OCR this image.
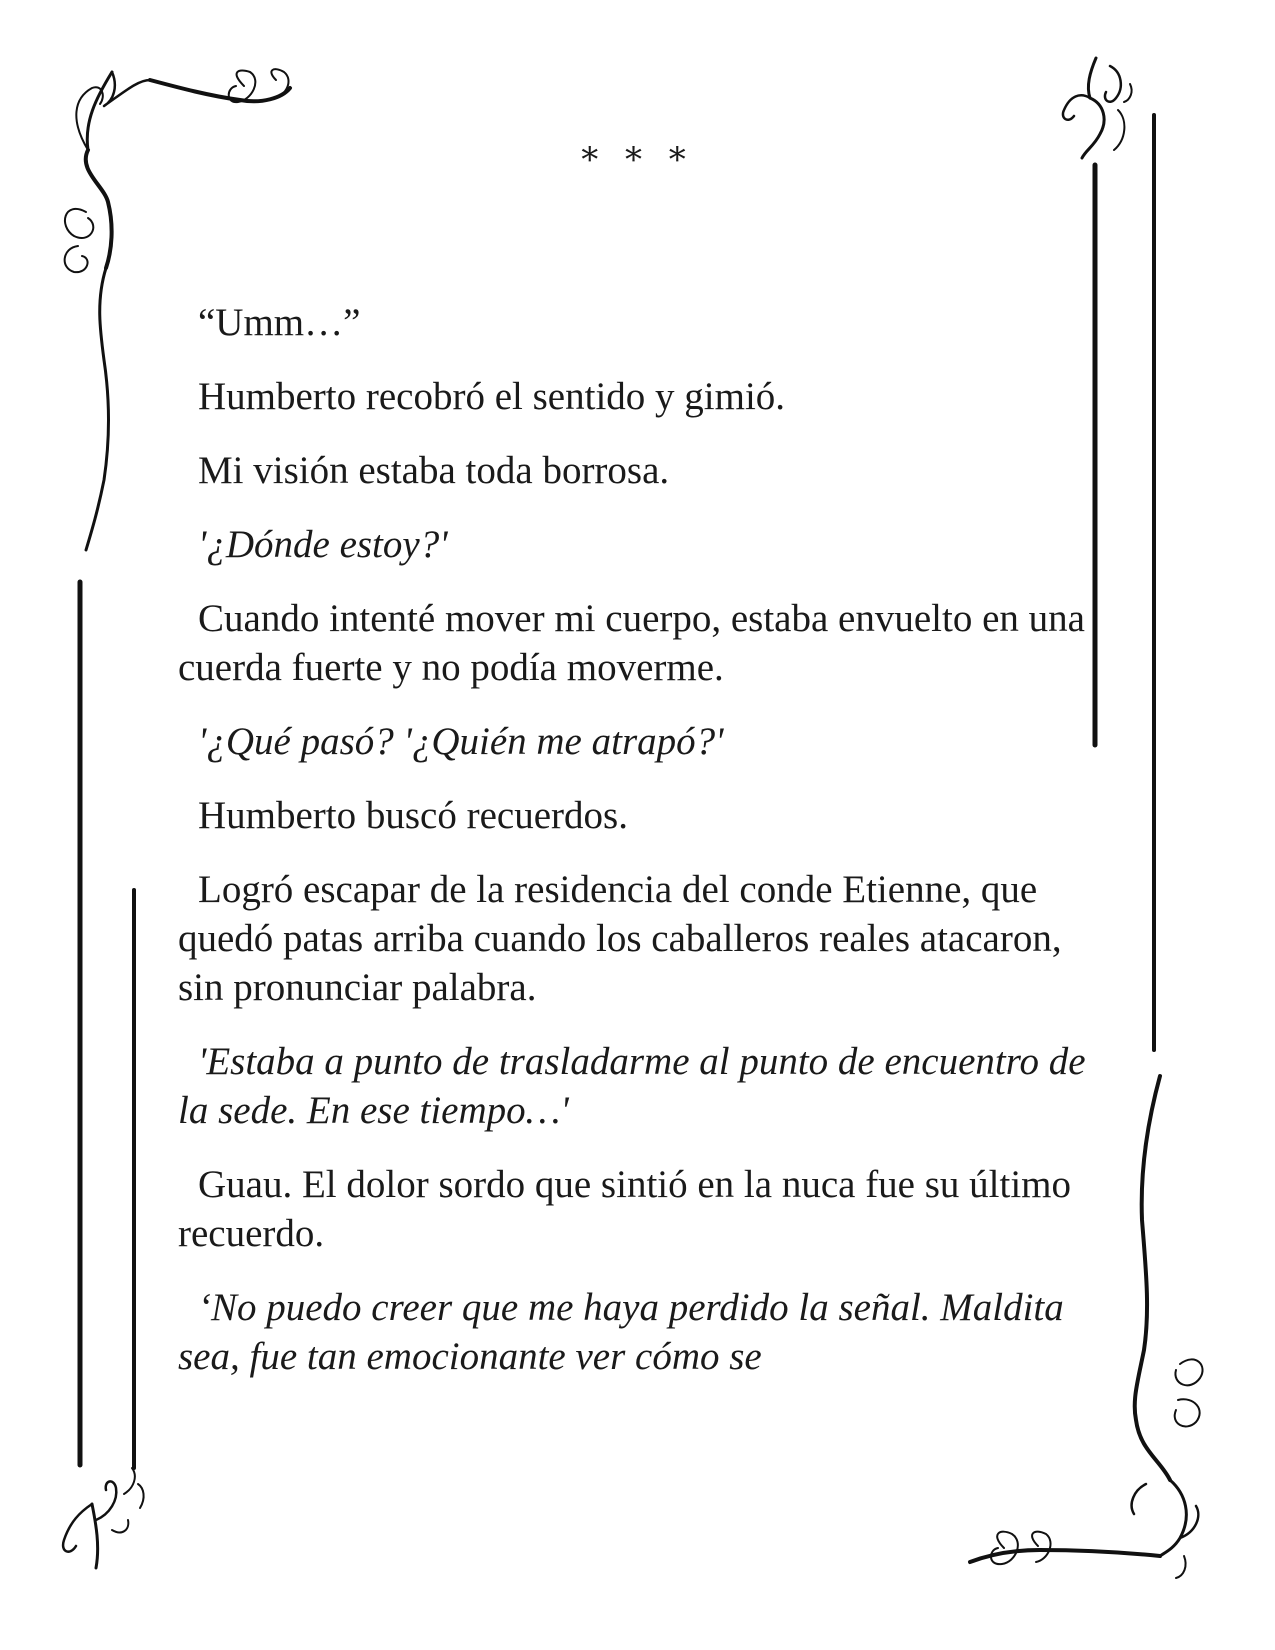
* * *

“Umm…”

Humberto recobró el sentido y gimió.

Mi visión estaba toda borrosa.

'¿Dónde estoy?'

Cuando intenté mover mi cuerpo, estaba envuelto en una cuerda fuerte y no podía moverme.

'¿Qué pasó? '¿Quién me atrapó?'

Humberto buscó recuerdos.

Logró escapar de la residencia del conde Etienne, que quedó patas arriba cuando los caballeros reales atacaron, sin pronunciar palabra.

'Estaba a punto de trasladarme al punto de encuentro de la sede. En ese tiempo…'

Guau. El dolor sordo que sintió en la nuca fue su último recuerdo.

‘No puedo creer que me haya perdido la señal. Maldita sea, fue tan emocionante ver cómo se
